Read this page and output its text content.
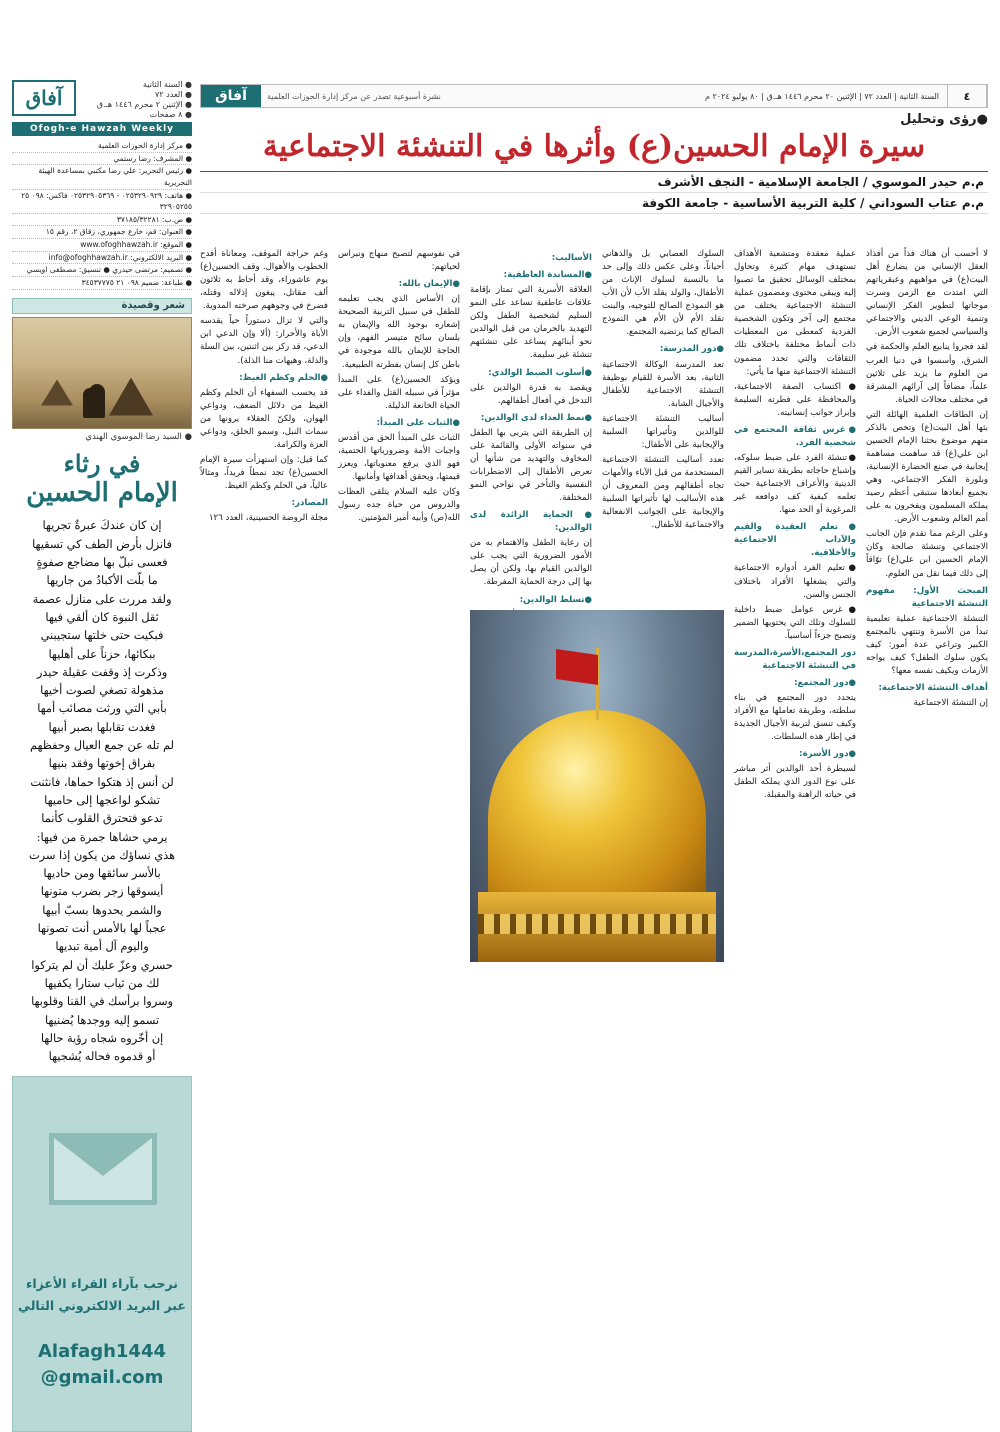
آفاق	نشرة أسبوعية تصدر عن مركز إدارة الحوزات العلمية	السنة الثانية | العدد ٧٢ | الإثنين ٢٠ محرم ١٤٤٦ هـ.ق | ٨٠ يوليو ٢٠٢٤ م	٤
● السنة الثانية
● العدد ٧٢
● الإثنين ٢ محرم ١٤٤٦ هـ.ق
● ٨ صفحات
آفاق
Ofogh-e Hawzah Weekly
● مركز إدارة الحوزات العلمية
● المشرف: رضا رستمي
● رئيس التحرير: علي رضا مكتبي بمساعدة الهيئة التحريرية
● هاتف: ٠٢٥٣٢٩٠٩٢٩ - ٠٢٥٣٢٩٠٥٣٦٩ فاكس: ٠٩٨ ٢٥ ٣٢٩٠٥٢٥٥
● ص.ب: ٣٧١٨٥/٣٢٢٨١
● العنوان: قم، خارع جمهوري، زقاق ٢، رقم ١٥
● الموقع: www.ofoghhawzah.ir
● البريد الالكتروني: info@ofoghhawzah.ir
● تصميم: مرتضى حيدري ● تنسيق: مصطفى اويسي
● طباعة: ضميم ٠٩٨ ٢١ ٣٤٥٣٧٧٧٥
شعر وقصيدة
● السيد رضا الموسوي الهندي
في رثاء
الإمام الحسين
إن كان عندكَ عبرةٌ تجريها
فانزل بأرض الطف كي تسقيها
فعسى نبلّ بها مضاجع صفوةٍ
ما بلّت الأكبادُ من جاريها
ولقد مررت على منازل عصمة
ثقل النبوة كان ألقي فيها
فبكيت حتى خلتها ستجيبني
ببكائها، حزناً على أهليها
وذكرت إذ وقفت عقيلة حيدر
مذهولة تصغي لصوت أخيها
بأبي التي ورثت مصائب أمها
فغدت تقابلها بصبر أبيها
لم تله عن جمع العيال وحفظهم
بفراق إخوتها وفقد بنيها
لن أنس إذ هتكوا حماها، فانثنت
تشكو لواعجها إلى حاميها
تدعو فتحترق القلوب كأنما
يرمي حشاها جمرة من فيها:
هذي نساؤك من يكون إذا سرت
بالأسر سائقها ومن حاديها
أيسوقها زجر بضرب متونها
والشمر يحدوها بسبّ أبيها
عجباً لها بالأمس أنت تصونها
واليوم آل أمية تبديها
حسري وعزّ عليك أن لم يتركوا
لك من ثياب ستارا يكفيها
وسروا برأسك في القنا وقلوبها
تسمو إليه ووجدها يُضنيها
إن أخّروه شجاه رؤية حالها
أو قدموه فحاله يُشجيها
نرحب بآراء القراء الأعزاء
عبر البريد الالكتروني التالي
Alafagh1444
@gmail.com
●رؤى وتحليل
سيرة الإمام الحسين(ع) وأثرها في التنشئة الاجتماعية
م.م حيدر الموسوي / الجامعة الإسلامية - النجف الأشرف
م.م عتاب السوداني / كلية التربية الأساسية - جامعة الكوفة

لا أحسب أن هناك فذاً من أفذاذ العقل الإنساني من يضارع أهل البيت(ع) في مواهبهم وعبقرياتهم التي امتدت مع الزمن وسرت موجاتها لتطوير الفكر الإنساني وتنمية الوعي الديني والاجتماعي والسياسي لجميع شعوب الأرض.

لقد فجروا ينابيع العلم والحكمة في الشرق، وأسسوا في دنيا العرب من العلوم ما يزيد على ثلاثين علماً، مضافاً إلى آرائهم المشرقة في مختلف مجالات الحياة.

إن الطاقات العلمية الهائلة التي بثها أهل البيت(ع) وتخص بالذكر منهم موضوع بحثنا الإمام الحسين ابن علي(ع) قد ساهمت مساهمة إيجابية في صنع الحضارة الإنسانية، وبلورة الفكر الاجتماعي، وهي بجميع أبعادها ستبقى أعظم رصيد يملكه المسلمون ويفخرون به على أمم العالم وشعوب الأرض.

وعلى الرغم مما تقدم فإن الجانب الاجتماعي وتنشئة صالحة وكان الإمام الحسين ابن علي(ع) توّاقاً إلى ذلك فيما نقل من العلوم.

المبحث الأول: مفهوم التنشئة الاجتماعية

التنشئة الاجتماعية عملية تعليمية تبدأ من الأسرة وتنتهي بالمجتمع الكبير وتراعي عدة أمور: كيف يكون سلوك الطفل؟ كيف يواجه الأزمات ويكيف نفسه معها؟

أهداف التنشئة الاجتماعية:

إن التنشئة الاجتماعية

عملية معقدة ومتشعبة الأهداف تستهدف مهام كثيرة وتحاول بمختلف الوسائل تحقيق ما تصبوا إليه ويبقى محتوى ومضمون عملية التنشئة الاجتماعية يختلف من مجتمع إلى آخر وتكون الشخصية الفردية كمعطى من المعطيات ذات أنماط مختلفة باختلاف تلك الثقافات والتي تحدد مضمون التنشئة الاجتماعية منها ما يأتي:

●اكتساب الصفة الاجتماعية، والمحافظة على فطرته السليمة وإبراز جوانب إنسانيته.

●غرس ثقافة المجتمع في شخصية الفرد.

●تنشئة الفرد على ضبط سلوكه، وإشباع حاجاته بطريقة تساير القيم الدينية والأعراف الاجتماعية حيث تعلمه كيفية كف دوافعه غير المرغوبة أو الحد منها.

●تعلم العقيدة والقيم والآداب الاجتماعية والأخلاقية.

●تعليم الفرد أدواره الاجتماعية والتي يشغلها الأفراد باختلاف الجنس والسن.

●غرس عوامل ضبط داخلية للسلوك وتلك التي يحتويها الضمير وتصبح جزءاً أساسياً.

دور المجتمع،الأسرة،المدرسة في التنشئة الاجتماعية

●دور المجتمع:

يتحدد دور المجتمع في بناء سلطته، وطريقة تعاملها مع الأفراد وكيف تنسق لتربية الأجيال الجديدة في إطار هذه السلطات.

●دور الأسرة:

لسيطرة أحد الوالدين أثر مباشر على نوع الدور الذي يملكه الطفل في حياته الراهنة والمقبلة.

السلوك العصابي بل والذهاني أحياناً، وعلى عكس ذلك وإلى حد ما بالنسبة لسلوك الإناث من الأطفال، والولد يقلد الأب لأن الأب هو النموذج الصالح للتوجيه، والبنت تقلد الأم لأن الأم هي النموذج الصالح كما يرتضيه المجتمع.

●دور المدرسة:

تعد المدرسة الوكالة الاجتماعية الثانية، بعد الأسرة للقيام بوظيفة التنشئة الاجتماعية للأطفال والأجيال الشابة.

أساليب التنشئة الاجتماعية للوالدين وتأثيراتها السلبية والإيجابية على الأطفال:

تعدد أساليب التنشئة الاجتماعية المستخدمة من قبل الآباء والأمهات تجاه أطفالهم ومن المعروف أن هذه الأساليب لها تأثيراتها السلبية والإيجابية على الجوانب الانفعالية والاجتماعية للأطفال.

الأساليب:

●المساندة العاطفية:

العلاقة الأسرية التي تمتاز بإقامة علاقات عاطفية تساعد على النمو السليم لشخصية الطفل ولكن التهديد بالحرمان من قبل الوالدين نحو أبنائهم يساعد على تنشئتهم تنشئة غير سليمة.

●أسلوب الضبط الوالدي:

ويقصد به قدرة الوالدين على التدخل في أفعال أطفالهم.

●نمط العداء لدى الوالدين:

إن الطريقة التي يتربى بها الطفل في سنواته الأولى والقائمة على المخاوف والتهديد من شأنها أن تعرض الأطفال إلى الاضطرابات النفسية والتأخر في نواحي النمو المختلفة.

●الحماية الزائدة لدى الوالدين:

إن رعاية الطفل والاهتمام به من الأمور الضرورية التي يجب على الوالدين القيام بها، ولكن أن يصل بها إلى درجة الحماية المفرطة.

●تسلط الوالدين:

في نفوسهم لتصبح منهاج ونبراس لحياتهم:

●الإيمان بالله:

إن الأساس الذي يجب تعليمه للطفل في سبيل التربية الصحيحة إشعاره بوجود الله والإيمان به بلسان سائح متيسر الفهم، وإن الحاجة للإيمان بالله موجودة في باطن كل إنسان بفطرته الطبيعية.

ويؤكد الحسين(ع) على المبدأ مؤثراً في سبيله القتل والفداء على الحياة الخانعة الذليلة.

●الثبات على المبدأ:

الثبات على المبدأ الحق من أقدس واجبات الأمة وضرورياتها الحتمية، فهو الذي يرفع معنوياتها، ويعزز قيمتها، ويحقق أهدافها وأمانيها.

وكان عليه السلام يتلقى العظات والدروس من حياة جده رسول الله(ص) وأبيه أمير المؤمنين.

وغم حراجة الموقف، ومعاناة أفدح الخطوب والأهوال. وقف الحسين(ع) يوم عاشوراء، وقد أحاط به ثلاثون ألف مقاتل، يبغون إذلاله وقتله، فضرخ في وجوههم صرخته المدوية.

والتي لا تزال دستوراً حياً يقدسه الأباة والأحرار: (ألا وإن الدعي ابن الدعي، قد ركز بين اثنتين، بين السلة والذلة، وهيهات منا الذلة).

●الحلم وكظم الغيظ:

قد يحسب السفهاء أن الحلم وكظم الغيظ من دلائل الضعف، ودواعي الهوان، ولكنّ العقلاء يرونها من سمات النبل، وسمو الخلق، ودواعي العزة والكرامة.

كما قيل: وإن استهزأت سيرة الإمام الحسين(ع) تجد نمطاً فريداً، ومثالاً عالياً، في الحلم وكظم الغيظ.

المصادر:

مجلة الروضة الحسينية، العدد ١٢٦
